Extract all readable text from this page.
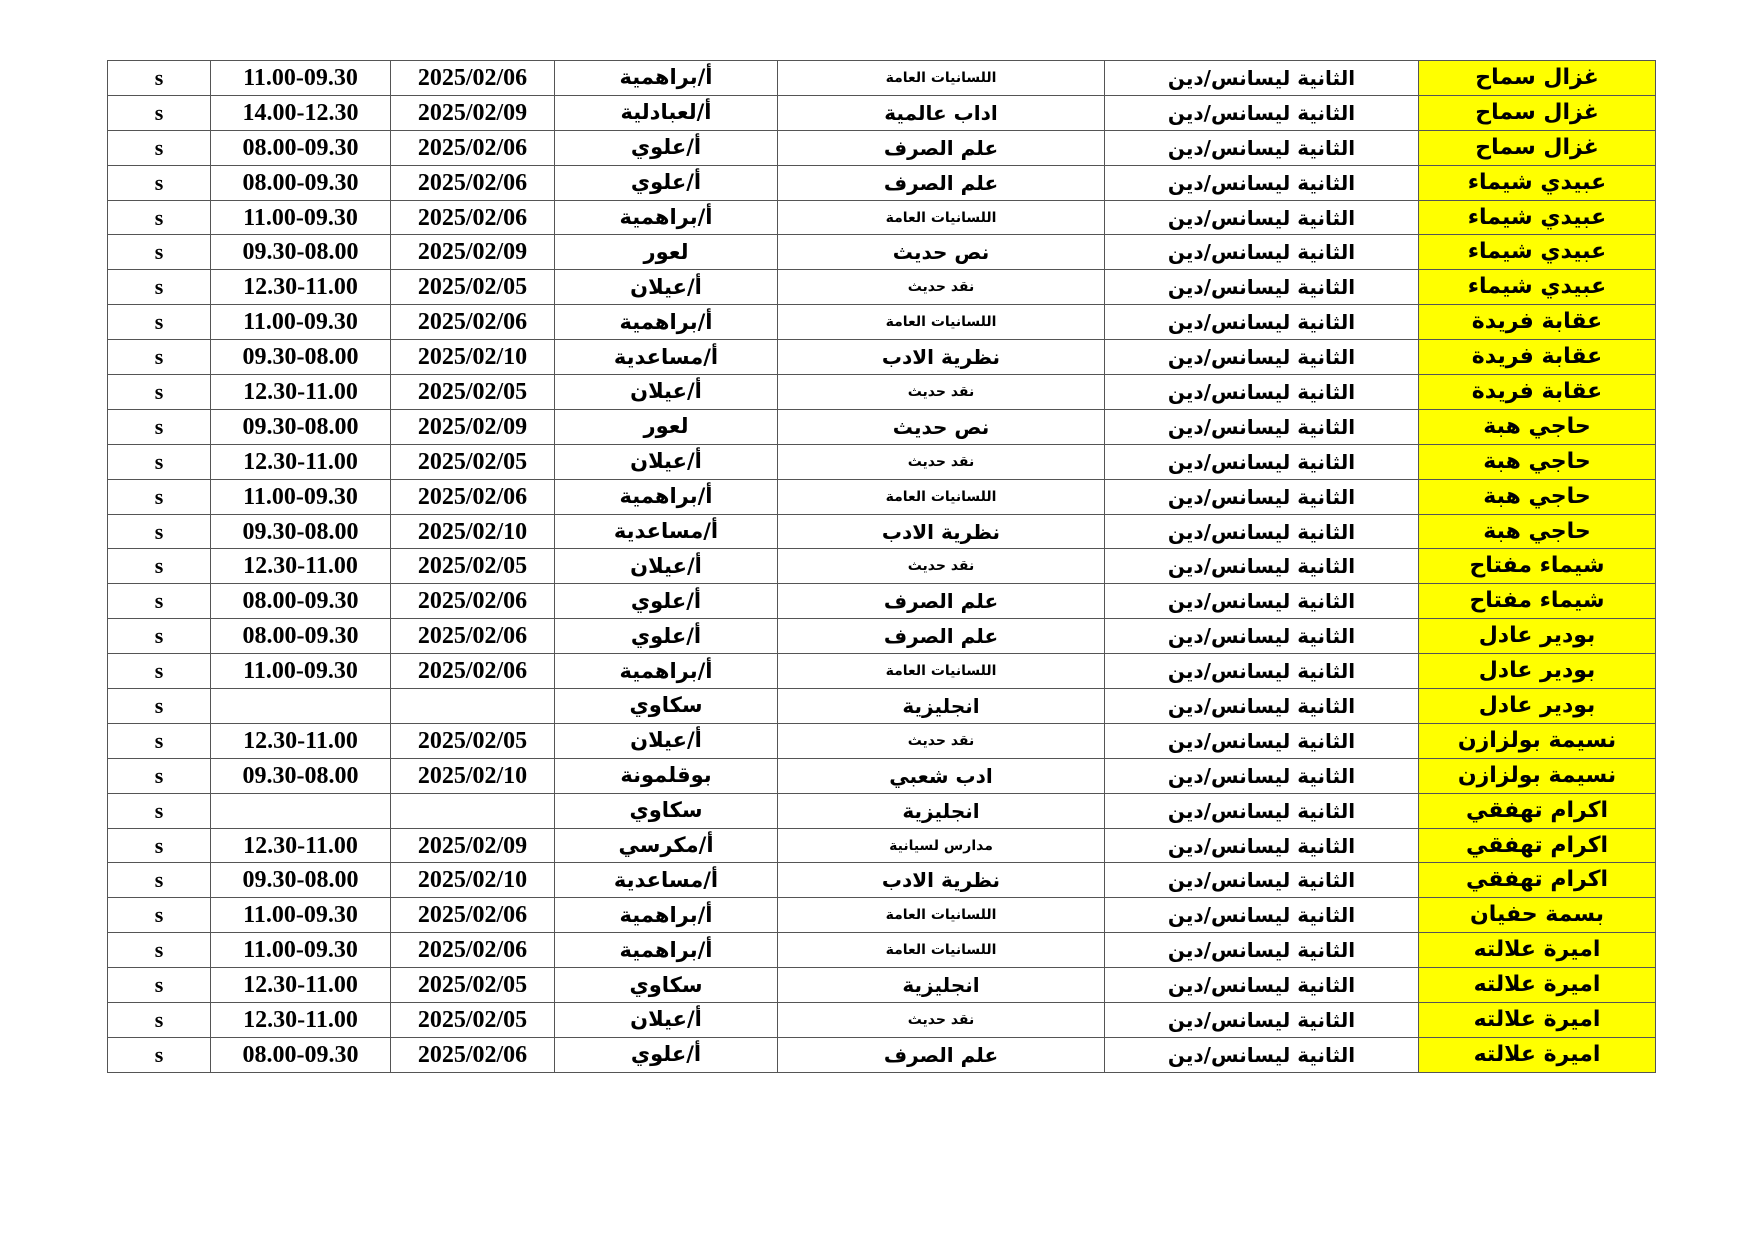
s	11.00-09.30	2025/02/06	أ/براهمية	اللسانيات العامة	الثانية ليسانس/دين	غزال سماح
s	14.00-12.30	2025/02/09	أ/لعبادلية	اداب عالمية	الثانية ليسانس/دين	غزال سماح
s	08.00-09.30	2025/02/06	أ/علوي	علم الصرف	الثانية ليسانس/دين	غزال سماح
s	08.00-09.30	2025/02/06	أ/علوي	علم الصرف	الثانية ليسانس/دين	عبيدي شيماء
s	11.00-09.30	2025/02/06	أ/براهمية	اللسانيات العامة	الثانية ليسانس/دين	عبيدي شيماء
s	09.30-08.00	2025/02/09	لعور	نص حديث	الثانية ليسانس/دين	عبيدي شيماء
s	12.30-11.00	2025/02/05	أ/عيلان	نقد حديث	الثانية ليسانس/دين	عبيدي شيماء
s	11.00-09.30	2025/02/06	أ/براهمية	اللسانيات العامة	الثانية ليسانس/دين	عقابة فريدة
s	09.30-08.00	2025/02/10	أ/مساعدية	نظرية الادب	الثانية ليسانس/دين	عقابة فريدة
s	12.30-11.00	2025/02/05	أ/عيلان	نقد حديث	الثانية ليسانس/دين	عقابة فريدة
s	09.30-08.00	2025/02/09	لعور	نص حديث	الثانية ليسانس/دين	حاجي هبة
s	12.30-11.00	2025/02/05	أ/عيلان	نقد حديث	الثانية ليسانس/دين	حاجي هبة
s	11.00-09.30	2025/02/06	أ/براهمية	اللسانيات العامة	الثانية ليسانس/دين	حاجي هبة
s	09.30-08.00	2025/02/10	أ/مساعدية	نظرية الادب	الثانية ليسانس/دين	حاجي هبة
s	12.30-11.00	2025/02/05	أ/عيلان	نقد حديث	الثانية ليسانس/دين	شيماء مفتاح
s	08.00-09.30	2025/02/06	أ/علوي	علم الصرف	الثانية ليسانس/دين	شيماء مفتاح
s	08.00-09.30	2025/02/06	أ/علوي	علم الصرف	الثانية ليسانس/دين	بودير عادل
s	11.00-09.30	2025/02/06	أ/براهمية	اللسانيات العامة	الثانية ليسانس/دين	بودير عادل
s			سكاوي	انجليزية	الثانية ليسانس/دين	بودير عادل
s	12.30-11.00	2025/02/05	أ/عيلان	نقد حديث	الثانية ليسانس/دين	نسيمة بولزازن
s	09.30-08.00	2025/02/10	بوقلمونة	ادب شعبي	الثانية ليسانس/دين	نسيمة بولزازن
s			سكاوي	انجليزية	الثانية ليسانس/دين	اكرام تهفقي
s	12.30-11.00	2025/02/09	أ/مكرسي	مدارس لسيانية	الثانية ليسانس/دين	اكرام تهفقي
s	09.30-08.00	2025/02/10	أ/مساعدية	نظرية الادب	الثانية ليسانس/دين	اكرام تهفقي
s	11.00-09.30	2025/02/06	أ/براهمية	اللسانيات العامة	الثانية ليسانس/دين	بسمة حفيان
s	11.00-09.30	2025/02/06	أ/براهمية	اللسانيات العامة	الثانية ليسانس/دين	اميرة علالته
s	12.30-11.00	2025/02/05	سكاوي	انجليزية	الثانية ليسانس/دين	اميرة علالته
s	12.30-11.00	2025/02/05	أ/عيلان	نقد حديث	الثانية ليسانس/دين	اميرة علالته
s	08.00-09.30	2025/02/06	أ/علوي	علم الصرف	الثانية ليسانس/دين	اميرة علالته
